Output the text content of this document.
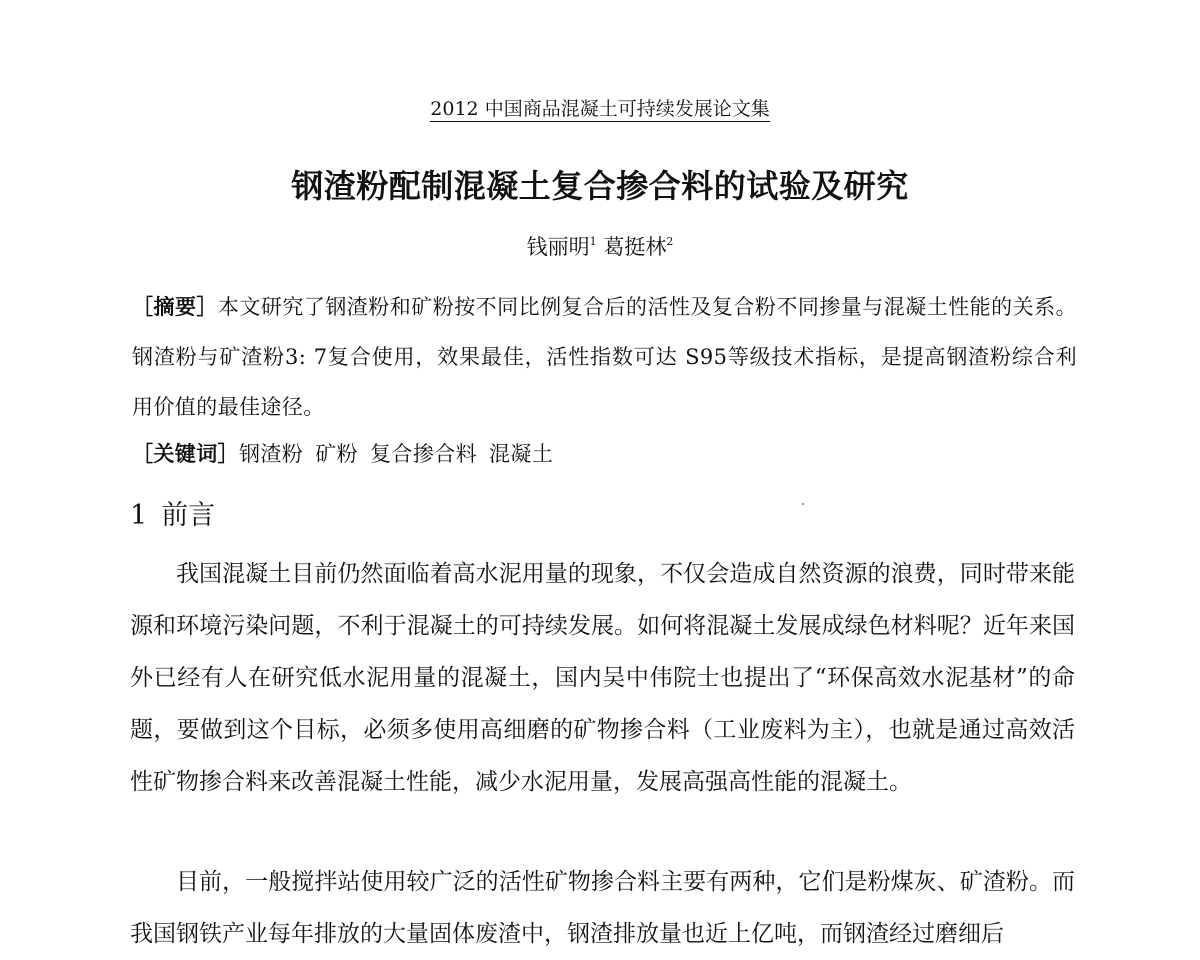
2012 中国商品混凝土可持续发展论文集
钢渣粉配制混凝土复合掺合料的试验及研究
钱丽明$^1$ 葛挺林$^2$
［摘要］本文研究了钢渣粉和矿粉按不同比例复合后的活性及复合粉不同掺量与混凝土性能的关系。钢渣粉与矿渣粉3: 7复合使用，效果最佳，活性指数可达 S95等级技术指标，是提高钢渣粉综合利用价值的最佳途径。
［关键词］钢渣粉 矿粉 复合掺合料 混凝土
1 前言

我国混凝土目前仍然面临着高水泥用量的现象，不仅会造成自然资源的浪费，同时带来能源和环境污染问题，不利于混凝土的可持续发展。如何将混凝土发展成绿色材料呢？近年来国外已经有人在研究低水泥用量的混凝土，国内吴中伟院士也提出了“环保高效水泥基材”的命题，要做到这个目标，必须多使用高细磨的矿物掺合料（工业废料为主），也就是通过高效活性矿物掺合料来改善混凝土性能，减少水泥用量，发展高强高性能的混凝土。

目前，一般搅拌站使用较广泛的活性矿物掺合料主要有两种，它们是粉煤灰、矿渣粉。而我国钢铁产业每年排放的大量固体废渣中，钢渣排放量也近上亿吨，而钢渣经过磨细后
